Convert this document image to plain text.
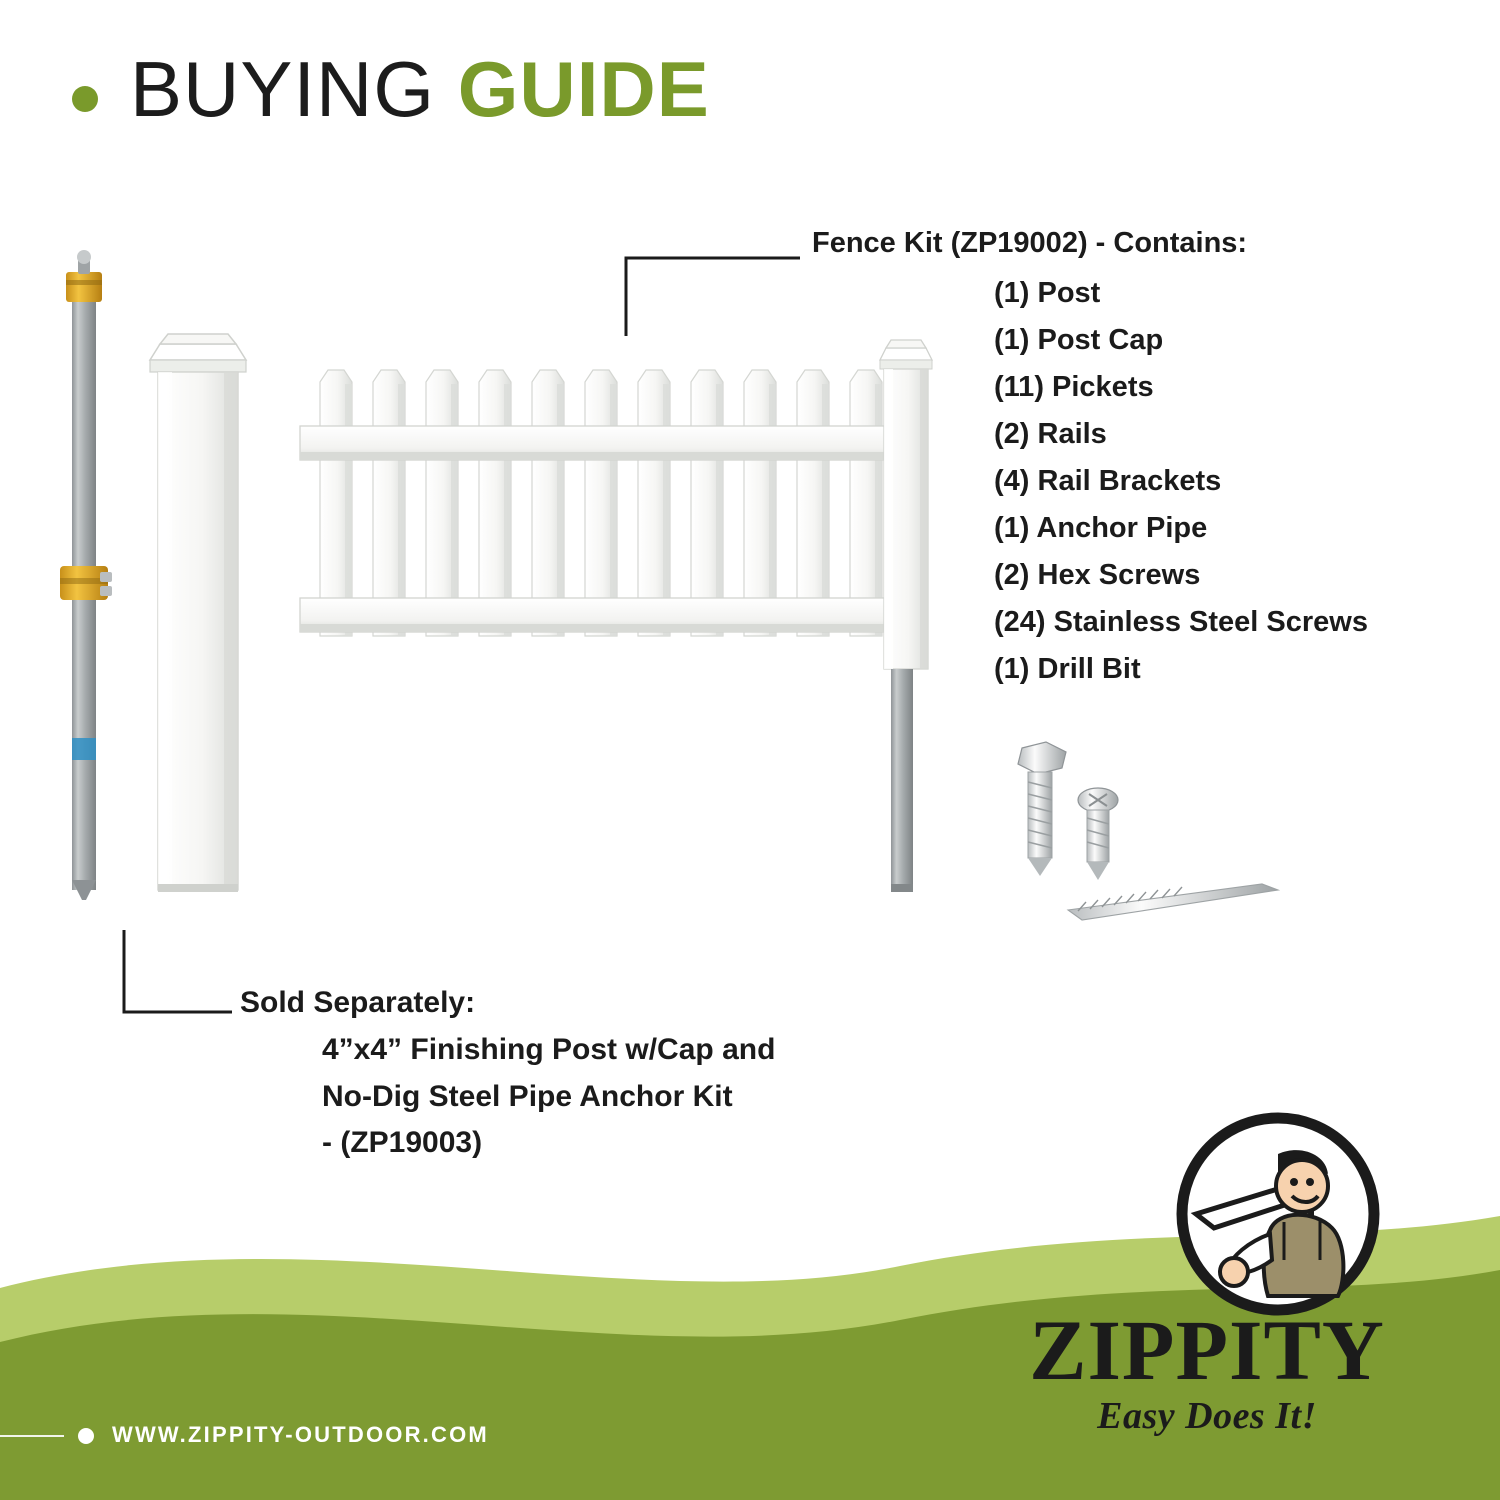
BUYING GUIDE
Fence Kit (ZP19002) - Contains:
(1) Post
(1) Post Cap
(11) Pickets
(2) Rails
(4) Rail Brackets
(1) Anchor Pipe
(2) Hex Screws
(24) Stainless Steel Screws
(1) Drill Bit
Sold Separately:
4”x4” Finishing Post w/Cap and
No-Dig Steel Pipe Anchor Kit
- (ZP19003)
WWW.ZIPPITY-OUTDOOR.COM
ZIPPITY
Easy Does It!
